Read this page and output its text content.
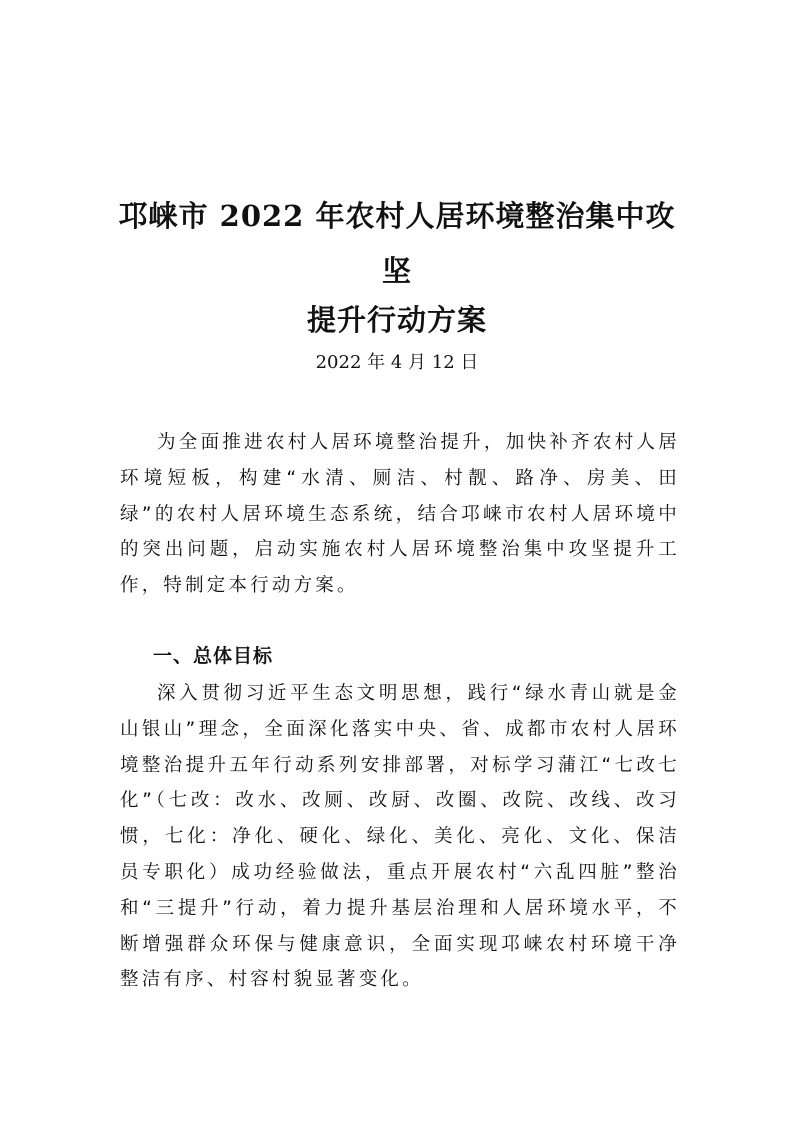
邛崃市 2022 年农村人居环境整治集中攻
坚
提升行动方案
2022 年 4 月 12 日

为全面推进农村人居环境整治提升，加快补齐农村人居环境短板，构建“水清、厕洁、村靓、路净、房美、田绿”的农村人居环境生态系统，结合邛崃市农村人居环境中的突出问题，启动实施农村人居环境整治集中攻坚提升工作，特制定本行动方案。

一、总体目标

深入贯彻习近平生态文明思想，践行“绿水青山就是金山银山”理念，全面深化落实中央、省、成都市农村人居环境整治提升五年行动系列安排部署，对标学习蒲江“七改七化”（七改：改水、改厕、改厨、改圈、改院、改线、改习惯，七化：净化、硬化、绿化、美化、亮化、文化、保洁员专职化）成功经验做法，重点开展农村“六乱四脏”整治和“三提升”行动，着力提升基层治理和人居环境水平，不断增强群众环保与健康意识，全面实现邛崃农村环境干净整洁有序、村容村貌显著变化。
